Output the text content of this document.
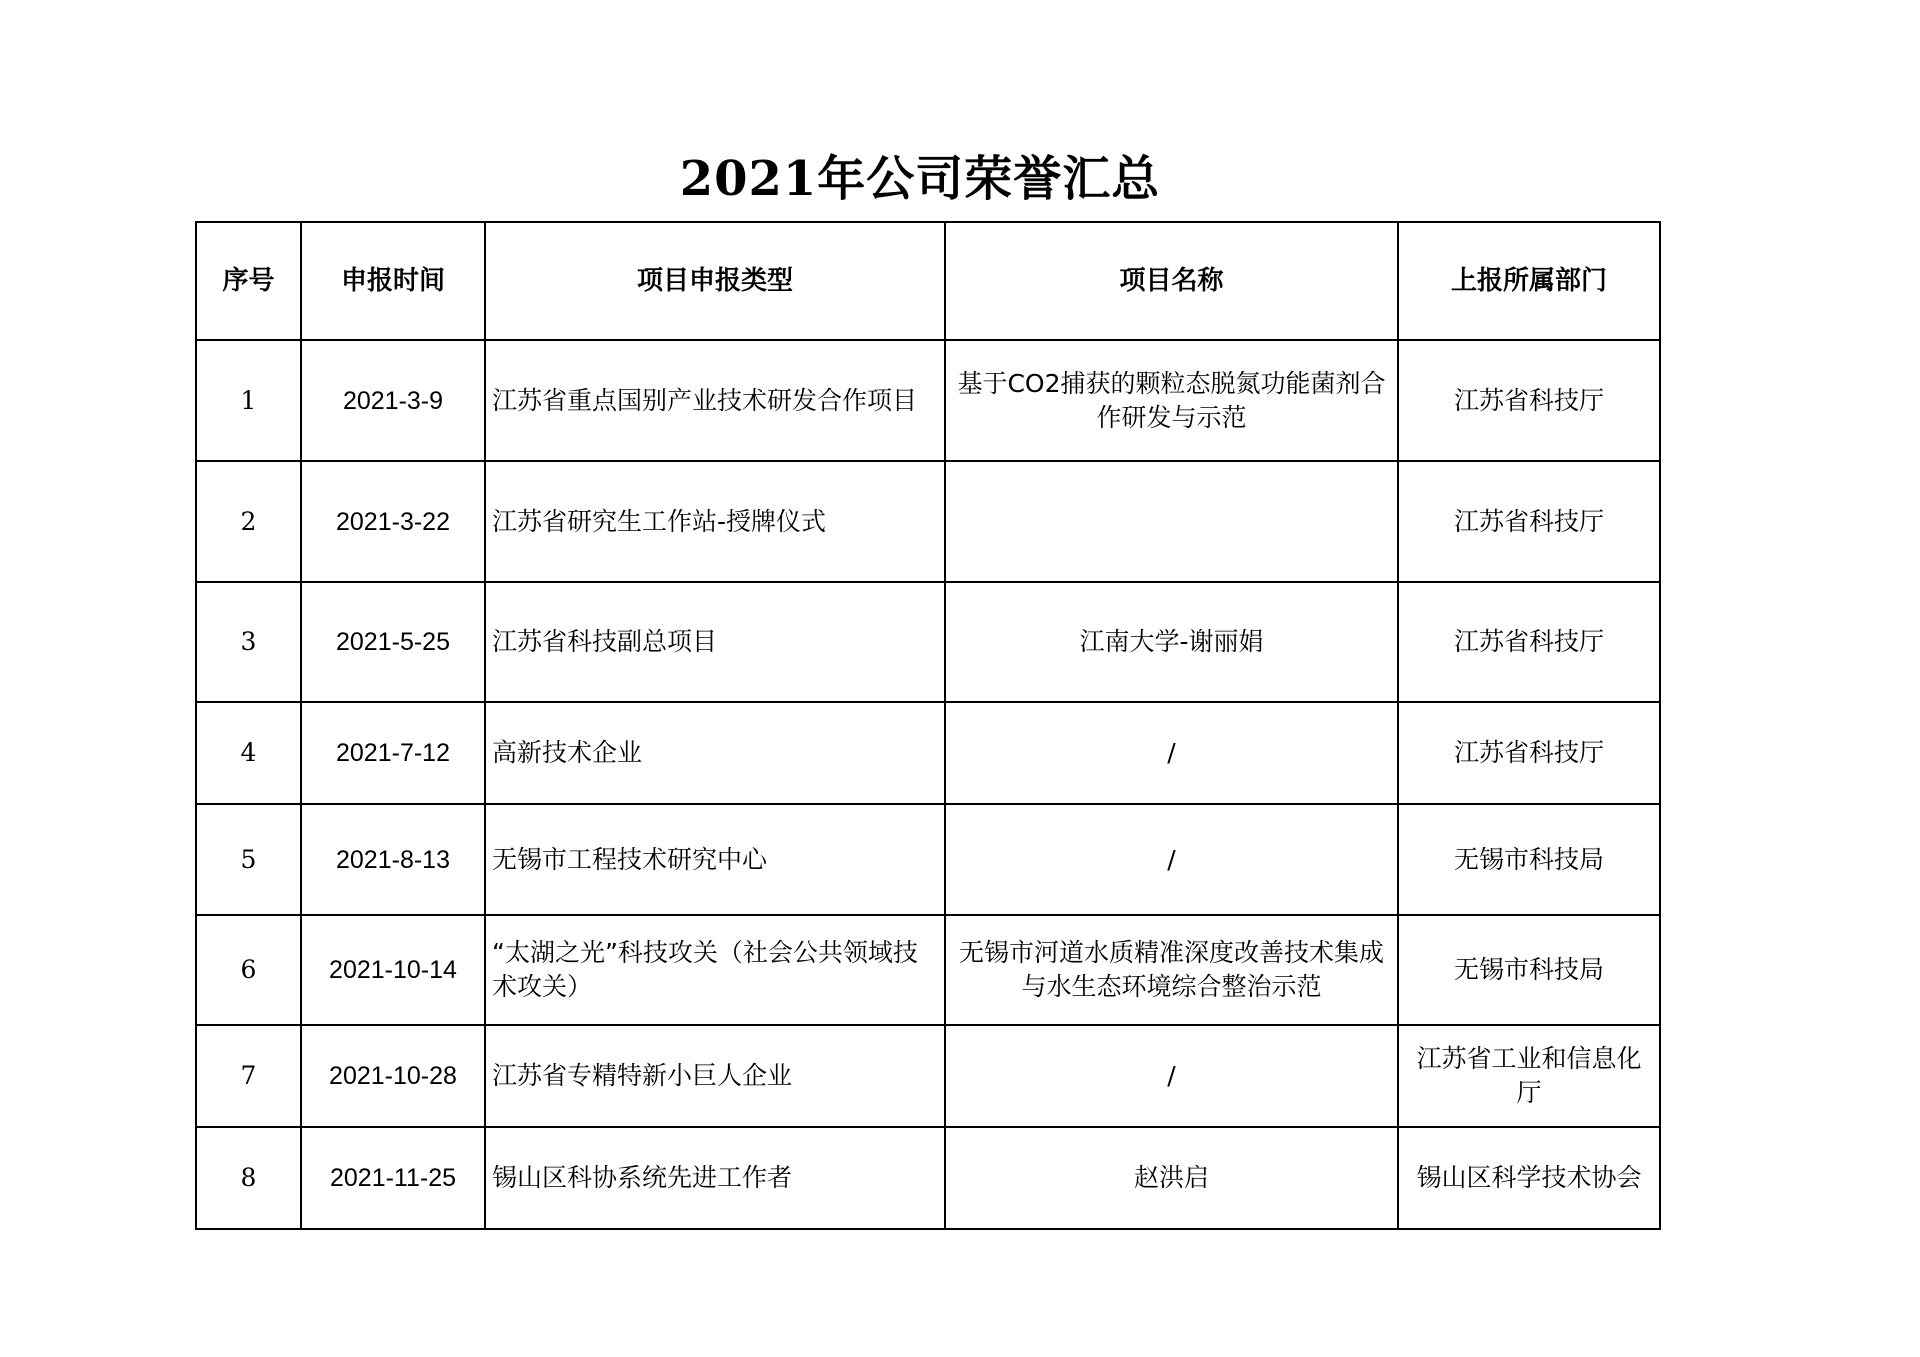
2021年公司荣誉汇总
序号	申报时间	项目申报类型	项目名称	上报所属部门
1	2021-3-9	江苏省重点国别产业技术研发合作项目	基于CO2捕获的颗粒态脱氮功能菌剂合作研发与示范	江苏省科技厅
2	2021-3-22	江苏省研究生工作站-授牌仪式		江苏省科技厅
3	2021-5-25	江苏省科技副总项目	江南大学-谢丽娟	江苏省科技厅
4	2021-7-12	高新技术企业	/	江苏省科技厅
5	2021-8-13	无锡市工程技术研究中心	/	无锡市科技局
6	2021-10-14	“太湖之光”科技攻关（社会公共领域技术攻关）	无锡市河道水质精准深度改善技术集成与水生态环境综合整治示范	无锡市科技局
7	2021-10-28	江苏省专精特新小巨人企业	/	江苏省工业和信息化厅
8	2021-11-25	锡山区科协系统先进工作者	赵洪启	锡山区科学技术协会
